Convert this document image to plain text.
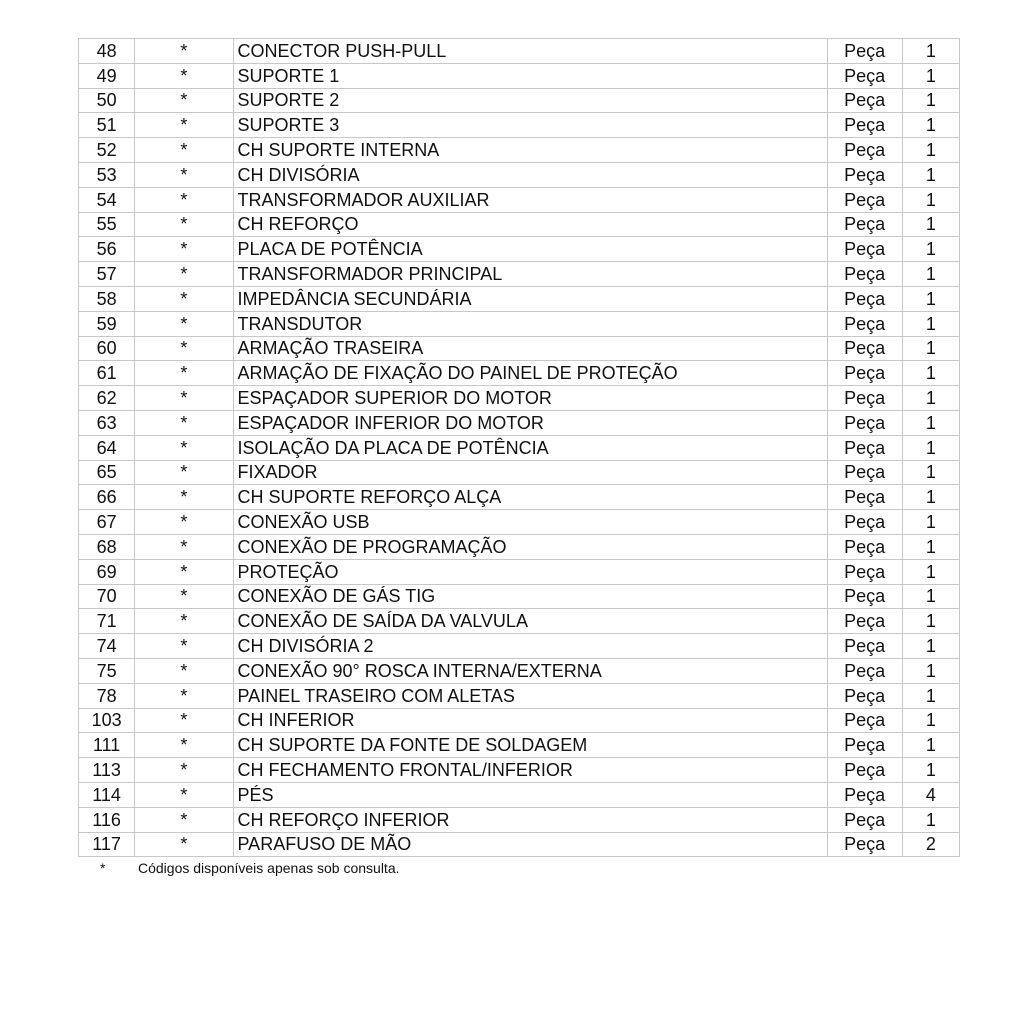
48	*	CONECTOR PUSH-PULL	Peça	1
49	*	SUPORTE 1	Peça	1
50	*	SUPORTE 2	Peça	1
51	*	SUPORTE 3	Peça	1
52	*	CH SUPORTE INTERNA	Peça	1
53	*	CH DIVISÓRIA	Peça	1
54	*	TRANSFORMADOR AUXILIAR	Peça	1
55	*	CH REFORÇO	Peça	1
56	*	PLACA DE POTÊNCIA	Peça	1
57	*	TRANSFORMADOR PRINCIPAL	Peça	1
58	*	IMPEDÂNCIA SECUNDÁRIA	Peça	1
59	*	TRANSDUTOR	Peça	1
60	*	ARMAÇÃO TRASEIRA	Peça	1
61	*	ARMAÇÃO DE FIXAÇÃO DO PAINEL DE PROTEÇÃO	Peça	1
62	*	ESPAÇADOR SUPERIOR DO MOTOR	Peça	1
63	*	ESPAÇADOR INFERIOR DO MOTOR	Peça	1
64	*	ISOLAÇÃO DA PLACA DE POTÊNCIA	Peça	1
65	*	FIXADOR	Peça	1
66	*	CH SUPORTE REFORÇO ALÇA	Peça	1
67	*	CONEXÃO USB	Peça	1
68	*	CONEXÃO DE PROGRAMAÇÃO	Peça	1
69	*	PROTEÇÃO	Peça	1
70	*	CONEXÃO DE GÁS TIG	Peça	1
71	*	CONEXÃO DE SAÍDA DA VALVULA	Peça	1
74	*	CH DIVISÓRIA 2	Peça	1
75	*	CONEXÃO 90° ROSCA INTERNA/EXTERNA	Peça	1
78	*	PAINEL TRASEIRO COM ALETAS	Peça	1
103	*	CH INFERIOR	Peça	1
111	*	CH SUPORTE DA FONTE DE SOLDAGEM	Peça	1
113	*	CH FECHAMENTO FRONTAL/INFERIOR	Peça	1
114	*	PÉS	Peça	4
116	*	CH REFORÇO INFERIOR	Peça	1
117	*	PARAFUSO DE MÃO	Peça	2
* Códigos disponíveis apenas sob consulta.
